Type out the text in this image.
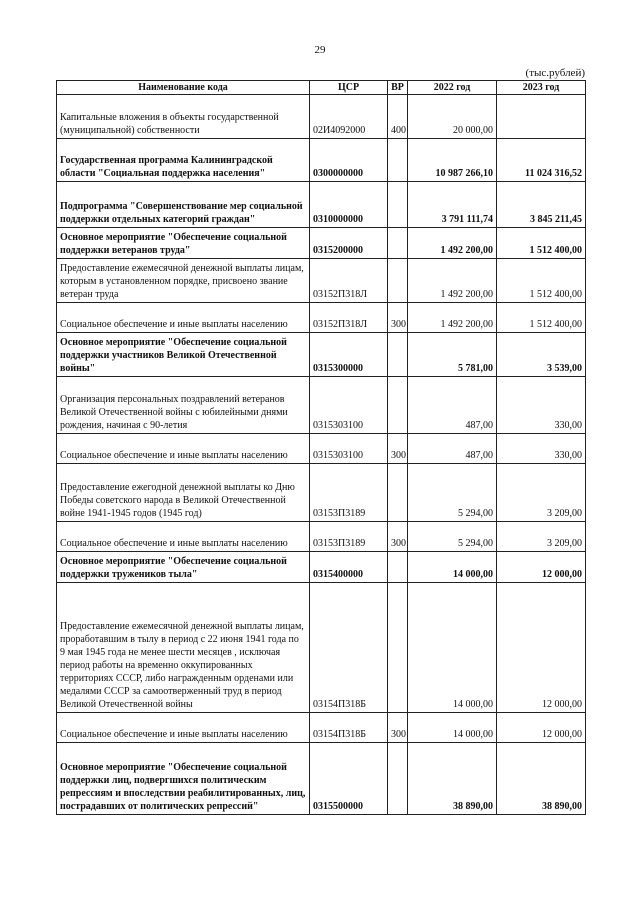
29
(тыс.рублей)
Наименование кода	ЦСР	ВР	2022 год	2023 год
Капитальные вложения в объекты государственной (муниципальной) собственности	02И4092000	400	20 000,00	
Государственная программа Калининградской области "Социальная поддержка населения"	0300000000		10 987 266,10	11 024 316,52
Подпрограмма "Совершенствование мер социальной поддержки отдельных категорий граждан"	0310000000		3 791 111,74	3 845 211,45
Основное мероприятие "Обеспечение социальной поддержки ветеранов труда"	0315200000		1 492 200,00	1 512 400,00
Предоставление ежемесячной денежной выплаты лицам, которым в установленном порядке, присвоено звание ветеран труда	03152П318Л		1 492 200,00	1 512 400,00
Социальное обеспечение и иные выплаты населению	03152П318Л	300	1 492 200,00	1 512 400,00
Основное мероприятие "Обеспечение социальной поддержки участников Великой Отечественной войны"	0315300000		5 781,00	3 539,00
Организация персональных поздравлений ветеранов Великой Отечественной войны с юбилейными днями рождения, начиная с 90-летия	0315303100		487,00	330,00
Социальное обеспечение и иные выплаты населению	0315303100	300	487,00	330,00
Предоставление ежегодной денежной выплаты ко Дню Победы советского народа в Великой Отечественной войне 1941-1945 годов (1945 год)	03153П3189		5 294,00	3 209,00
Социальное обеспечение и иные выплаты населению	03153П3189	300	5 294,00	3 209,00
Основное мероприятие "Обеспечение социальной поддержки тружеников тыла"	0315400000		14 000,00	12 000,00
Предоставление ежемесячной денежной выплаты лицам, проработавшим в тылу в период с 22 июня 1941 года по 9 мая 1945 года не менее шести месяцев , исключая период работы на временно оккупированных территориях СССР, либо награжденным орденами или медалями СССР за самоотверженный труд в период Великой Отечественной войны	03154П318Б		14 000,00	12 000,00
Социальное обеспечение и иные выплаты населению	03154П318Б	300	14 000,00	12 000,00
Основное мероприятие "Обеспечение социальной поддержки лиц, подвергшихся политическим репрессиям и впоследствии реабилитированных, лиц, пострадавших от политических репрессий"	0315500000		38 890,00	38 890,00
